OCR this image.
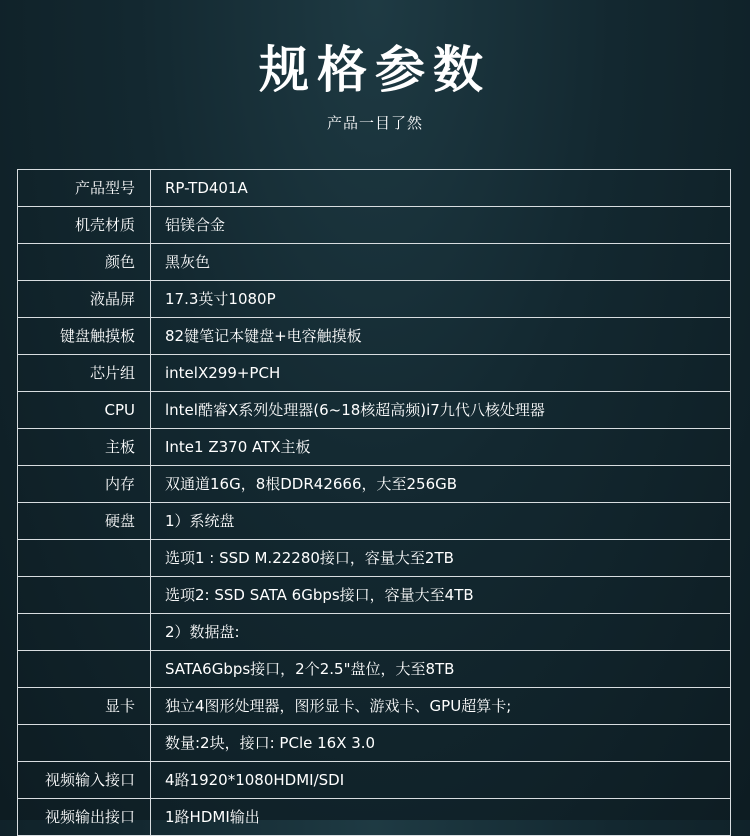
规格参数
产品一目了然
产品型号	RP-TD401A
机壳材质	铝镁合金
颜色	黑灰色
液晶屏	17.3英寸1080P
键盘触摸板	82键笔记本键盘+电容触摸板
芯片组	intelX299+PCH
CPU	lntel酷睿X系列处理器(6~18核超高频)i7九代八核处理器
主板	Inte1 Z370 ATX主板
内存	双通道16G，8根DDR42666，大至256GB
硬盘	1）系统盘
选项1 : SSD M.22280接口，容量大至2TB
选项2: SSD SATA 6Gbps接口，容量大至4TB
2）数据盘:
SATA6Gbps接口，2个2.5"盘位，大至8TB
显卡	独立4图形处理器，图形显卡、游戏卡、GPU超算卡;
数量:2块，接口: PCle 16X 3.0
视频输入接口	4路1920*1080HDMI/SDI
视频输出接口	1路HDMI输出
